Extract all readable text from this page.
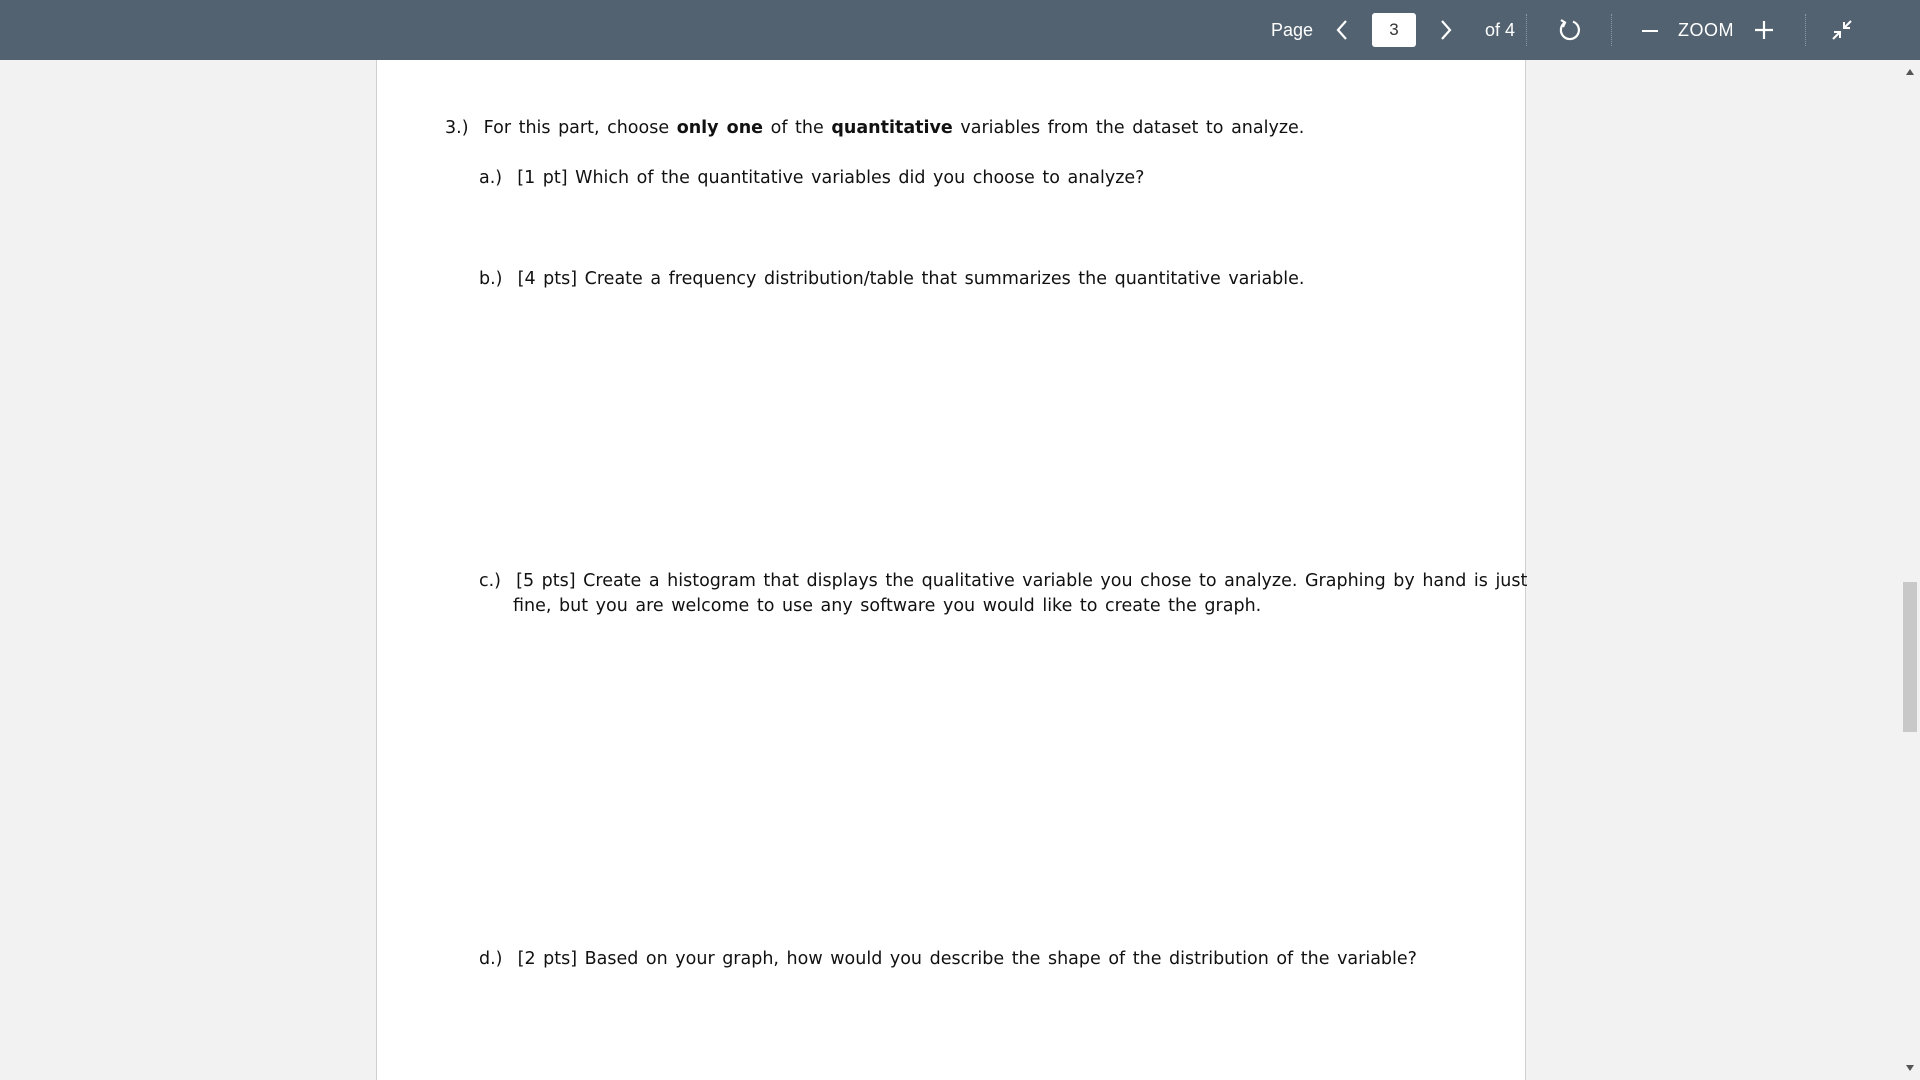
Page
3	of 4	ZOOM
3.) For this part, choose only one of the quantitative variables from the dataset to analyze.
a.) [1 pt] Which of the quantitative variables did you choose to analyze?
b.) [4 pts] Create a frequency distribution/table that summarizes the quantitative variable.
c.) [5 pts] Create a histogram that displays the qualitative variable you chose to analyze. Graphing by hand is just
fine, but you are welcome to use any software you would like to create the graph.
d.) [2 pts] Based on your graph, how would you describe the shape of the distribution of the variable?
